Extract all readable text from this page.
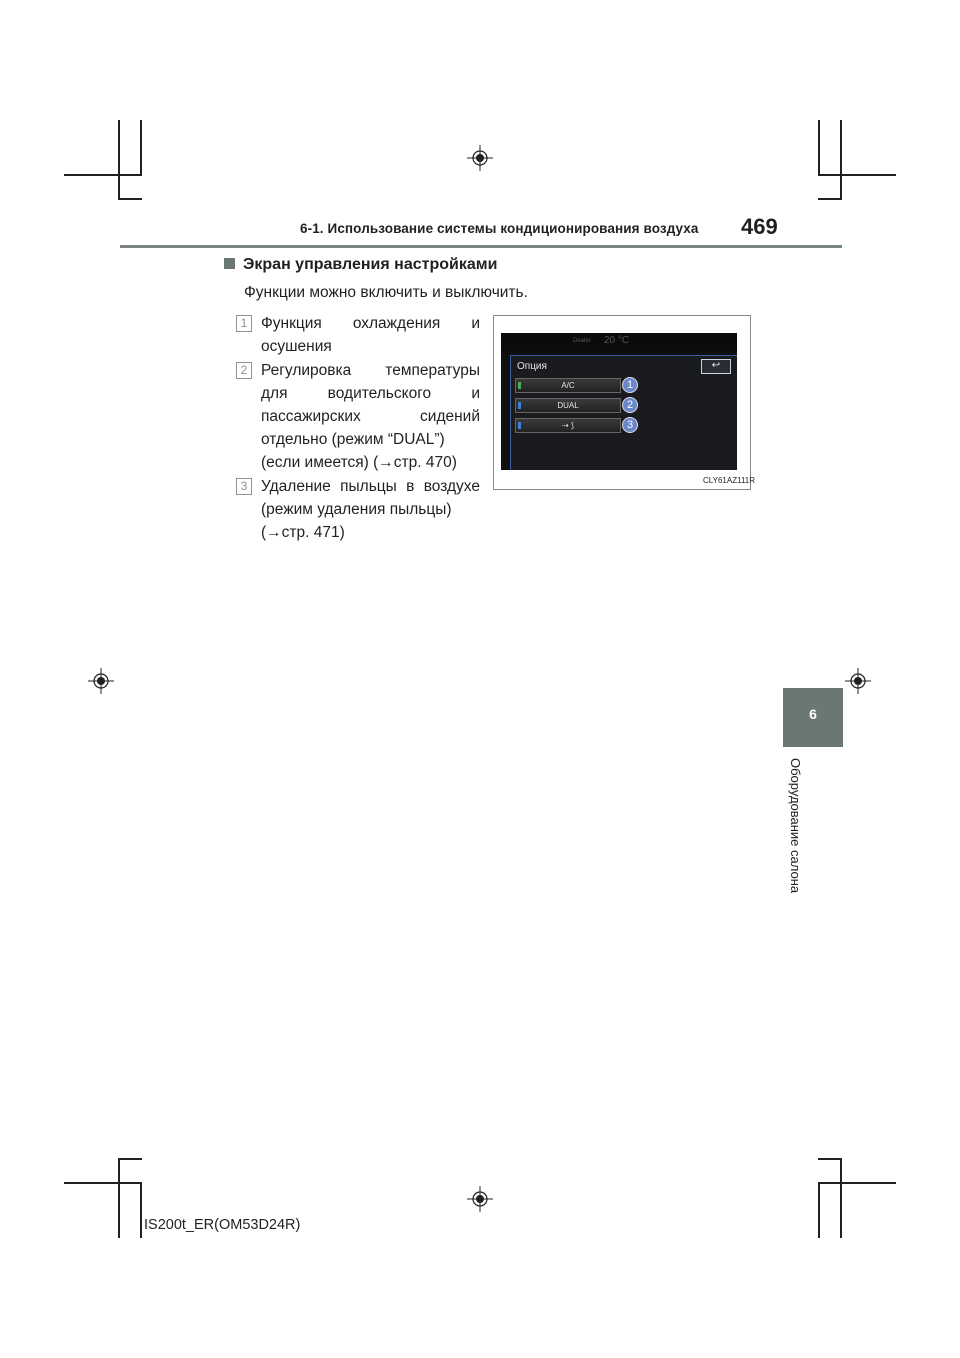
6-1. Использование системы кондиционирования воздуха 469
Экран управления настройками
Функции можно включить и выключить.
1 Функция охлаждения и
осушения
2 Регулировка температуры
для водительского и
пассажирских сидений
отдельно (режим “DUAL”)
(если имеется) (→стр. 470)
3 Удаление пыльцы в воздухе
(режим удаления пыльцы)
(→стр. 471)
Dealer 20 °C
Опция	↩
A/C
DUAL
⇢ ⟆
1
2
3
CLY61AZ111R
6
Оборудование салона
IS200t_ER(OM53D24R)
